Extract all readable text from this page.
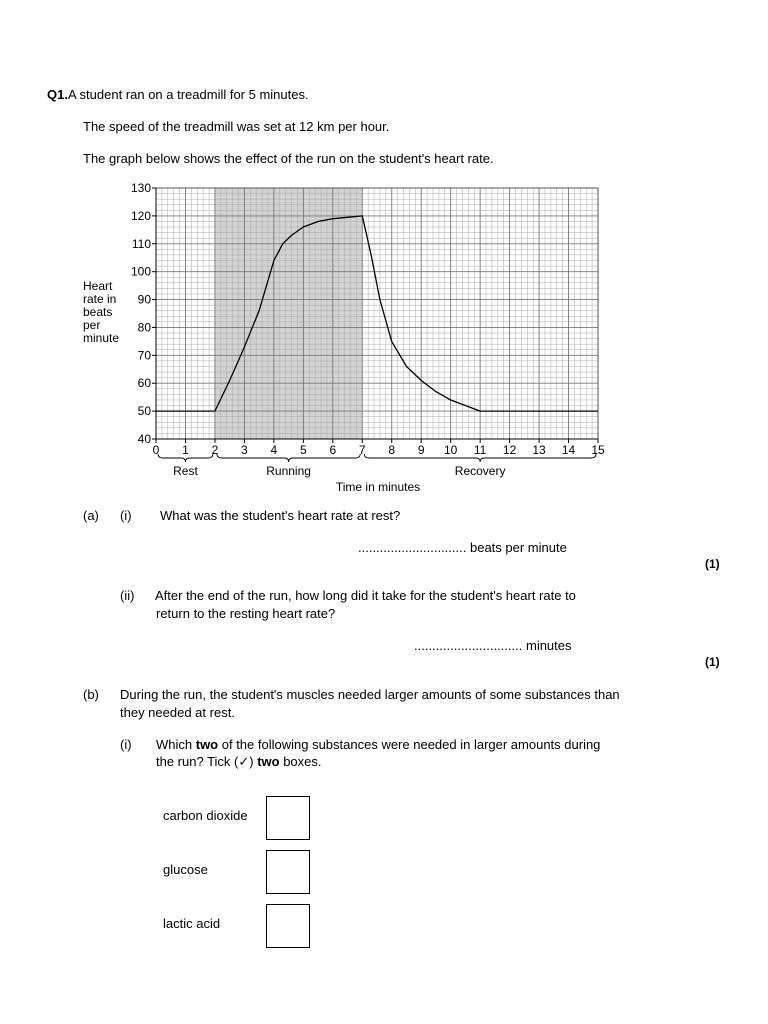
Q1.A student ran on a treadmill for 5 minutes.
The speed of the treadmill was set at 12 km per hour.
The graph below shows the effect of the run on the student's heart rate.
Heart
rate in
beats
per
minute
40
50
60
70
80
90
100
110
120
130
0 1 2 3 4 5 6 7 8 9 10 11 12 13 14 15
Rest	Running	Recovery
Time in minutes
(a) (i) What was the student's heart rate at rest?
.............................. beats per minute
(1)
(ii) After the end of the run, how long did it take for the student's heart rate to
return to the resting heart rate?
.............................. minutes
(1)
(b) During the run, the student's muscles needed larger amounts of some substances than
they needed at rest.
(i) Which two of the following substances were needed in larger amounts during
the run? Tick (✓) two boxes.
carbon dioxide
glucose
lactic acid
